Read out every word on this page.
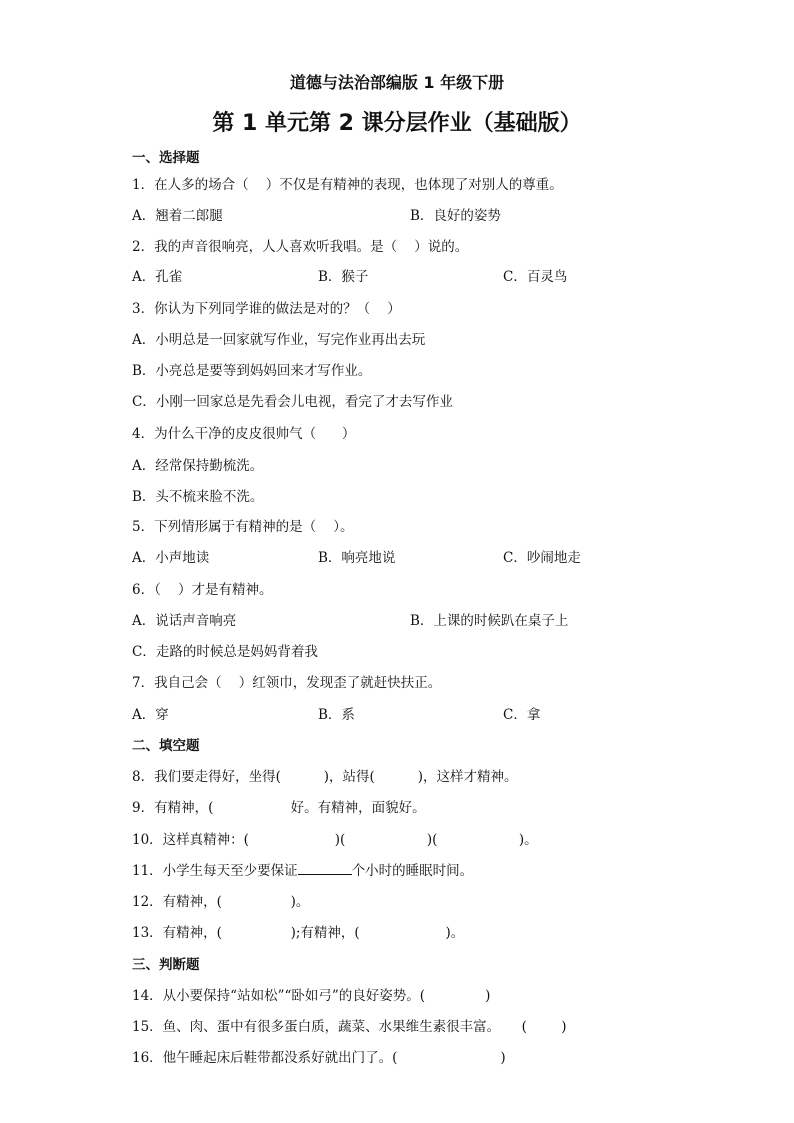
道德与法治部编版 1 年级下册
第 1 单元第 2 课分层作业（基础版）
一、选择题
1．在人多的场合（    ）不仅是有精神的表现，也体现了对别人的尊重。
A．翘着二郎腿	B．良好的姿势
2．我的声音很响亮，人人喜欢听我唱。是（    ）说的。
A．孔雀	B．猴子	C．百灵鸟
3．你认为下列同学谁的做法是对的？（    ）
A．小明总是一回家就写作业，写完作业再出去玩
B．小亮总是要等到妈妈回来才写作业。
C．小刚一回家总是先看会儿电视，看完了才去写作业
4．为什么干净的皮皮很帅气（      ）
A．经常保持勤梳洗。
B．头不梳来脸不洗。
5．下列情形属于有精神的是（    ）。
A．小声地读	B．响亮地说	C．吵闹地走
6．（    ）才是有精神。
A．说话声音响亮	B．上课的时候趴在桌子上
C．走路的时候总是妈妈背着我
7．我自己会（    ）红领巾，发现歪了就赶快扶正。
A．穿	B．系	C．拿
二、填空题
8．我们要走得好，坐得(          )，站得(          )，这样才精神。
9．有精神，(                  好。有精神，面貌好。
10．这样真精神：(                    )(                   )(                   )。
11．小学生每天至少要保证	个小时的睡眠时间。
12．有精神，(                )。
13．有精神，(                );有精神，(                    )。
三、判断题
14．从小要保持“站如松”“卧如弓”的良好姿势。(              )
15．鱼、肉、蛋中有很多蛋白质，蔬菜、水果维生素很丰富。     (        )
16．他午睡起床后鞋带都没系好就出门了。(                        )
